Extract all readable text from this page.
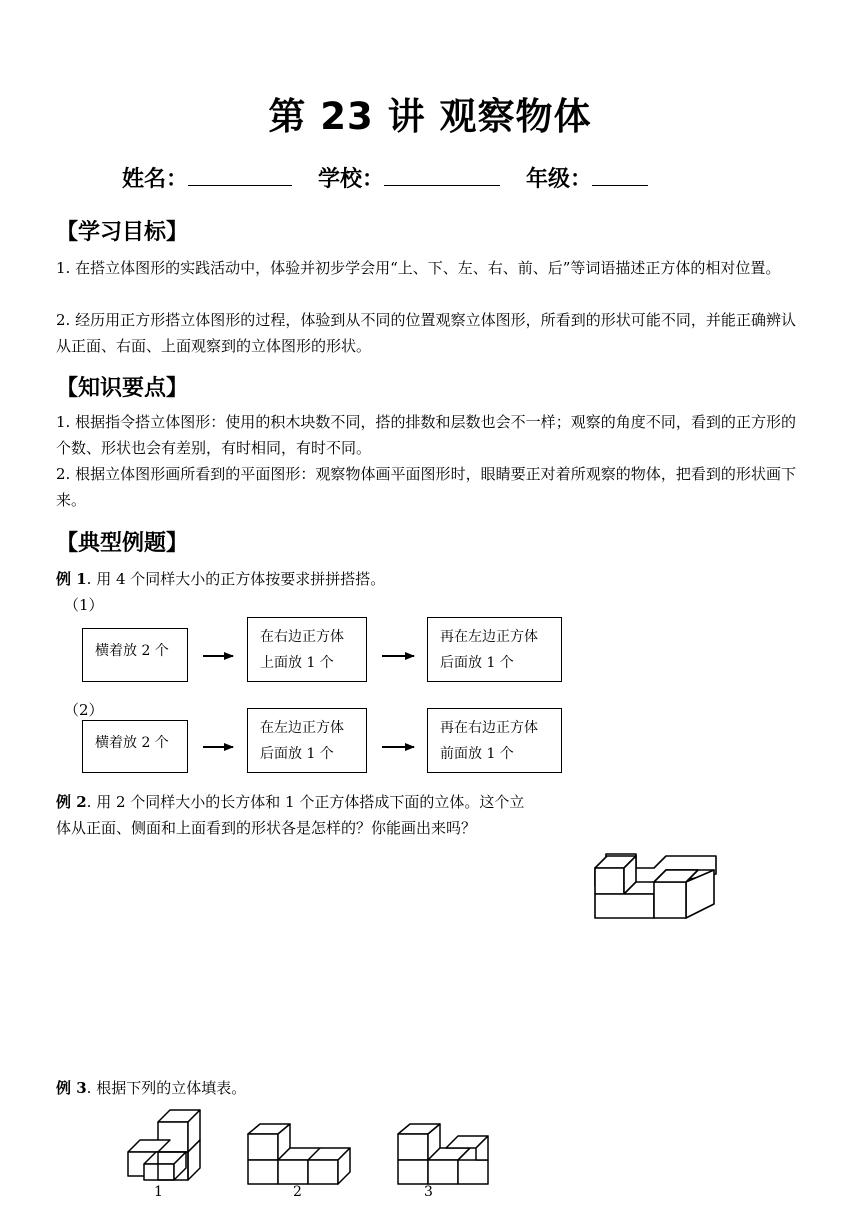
第 23 讲 观察物体
姓名：	学校：	年级：
【学习目标】
1. 在搭立体图形的实践活动中，体验并初步学会用“上、下、左、右、前、后”等词语描述正方体的相对位置。
2. 经历用正方形搭立体图形的过程，体验到从不同的位置观察立体图形，所看到的形状可能不同，并能正确辨认从正面、右面、上面观察到的立体图形的形状。
【知识要点】
1. 根据指令搭立体图形：使用的积木块数不同，搭的排数和层数也会不一样；观察的角度不同，看到的正方形的个数、形状也会有差别，有时相同，有时不同。
2. 根据立体图形画所看到的平面图形：观察物体画平面图形时，眼睛要正对着所观察的物体，把看到的形状画下来。
【典型例题】
例 1. 用 4 个同样大小的正方体按要求拼拼搭搭。
（1）
横着放 2 个
在右边正方体
上面放 1 个
再在左边正方体
后面放 1 个
（2）
横着放 2 个
在左边正方体
后面放 1 个
再在右边正方体
前面放 1 个
例 2. 用 2 个同样大小的长方体和 1 个正方体搭成下面的立体。这个立
体从正面、侧面和上面看到的形状各是怎样的？你能画出来吗？
例 3. 根据下列的立体填表。
1	2	3
